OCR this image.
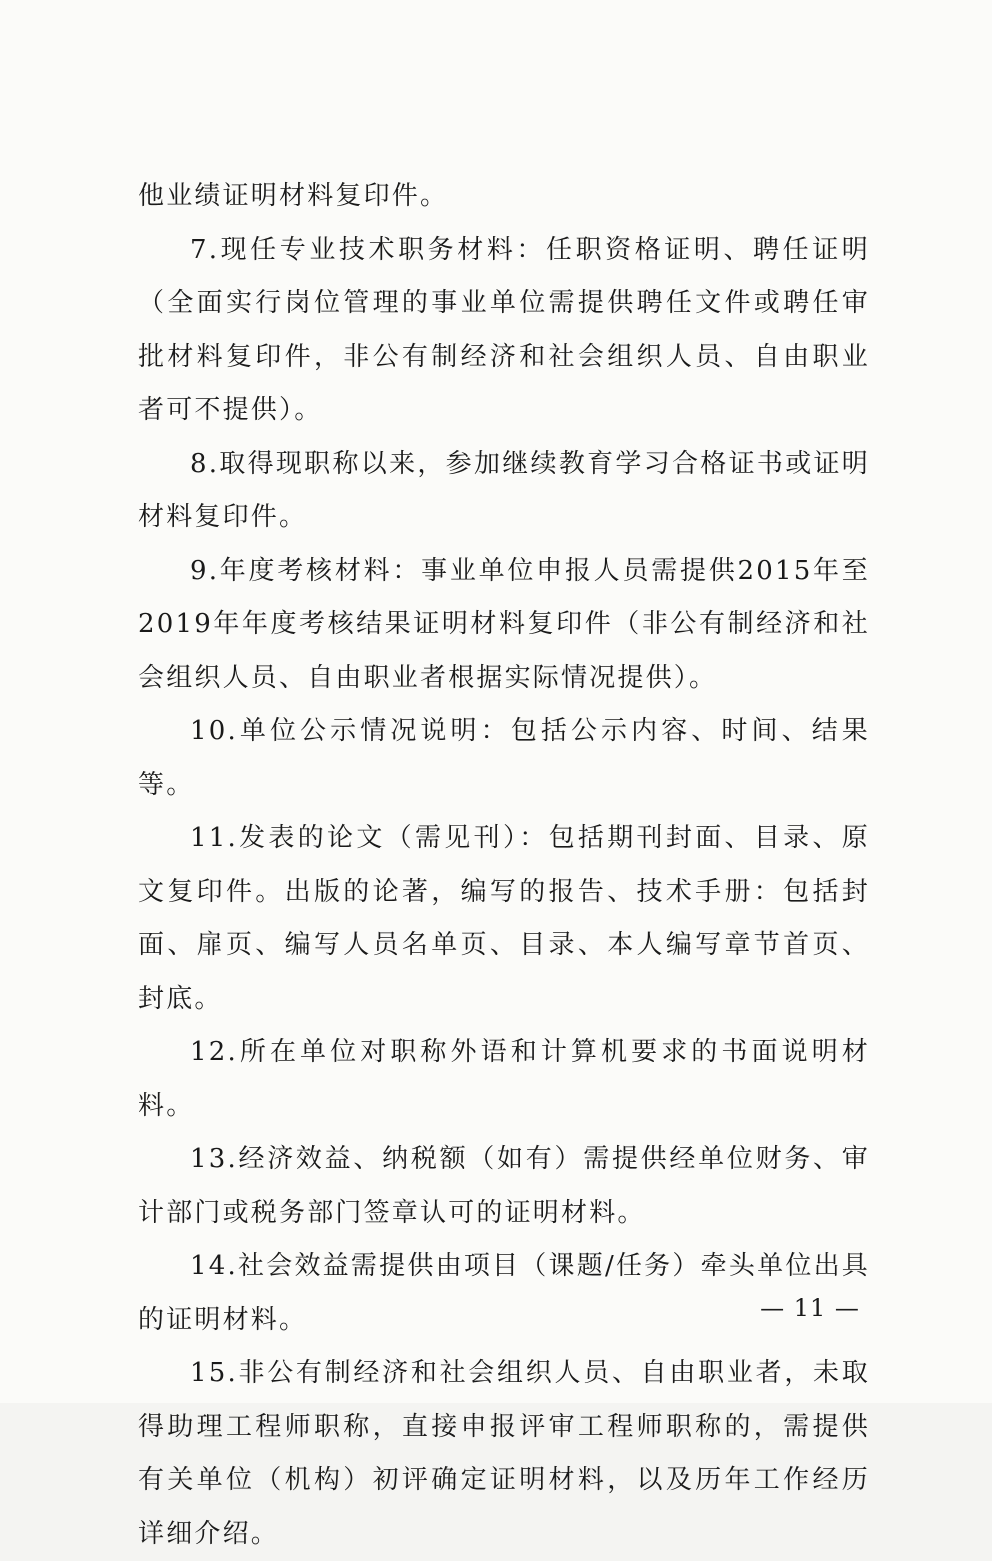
他业绩证明材料复印件。

7.现任专业技术职务材料：任职资格证明、聘任证明（全面实行岗位管理的事业单位需提供聘任文件或聘任审批材料复印件，非公有制经济和社会组织人员、自由职业者可不提供）。

8.取得现职称以来，参加继续教育学习合格证书或证明材料复印件。

9.年度考核材料：事业单位申报人员需提供2015年至2019年年度考核结果证明材料复印件（非公有制经济和社会组织人员、自由职业者根据实际情况提供）。

10.单位公示情况说明：包括公示内容、时间、结果等。

11.发表的论文（需见刊）：包括期刊封面、目录、原文复印件。出版的论著，编写的报告、技术手册：包括封面、扉页、编写人员名单页、目录、本人编写章节首页、封底。

12.所在单位对职称外语和计算机要求的书面说明材料。

13.经济效益、纳税额（如有）需提供经单位财务、审计部门或税务部门签章认可的证明材料。

14.社会效益需提供由项目（课题/任务）牵头单位出具的证明材料。

15.非公有制经济和社会组织人员、自由职业者，未取得助理工程师职称，直接申报评审工程师职称的，需提供有关单位（机构）初评确定证明材料，以及历年工作经历详细介绍。

— 11 —
